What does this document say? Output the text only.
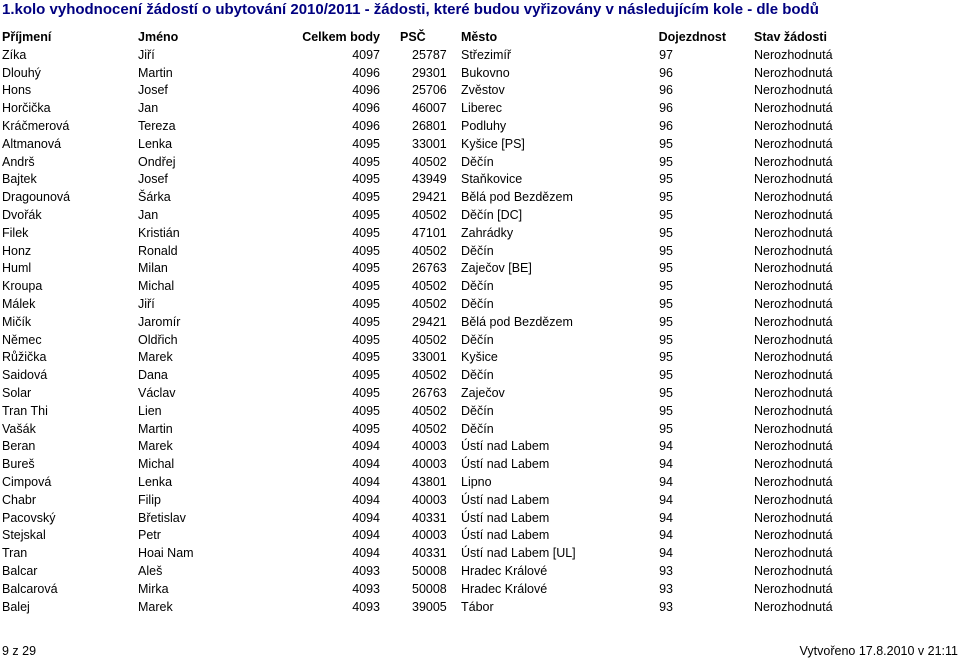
1.kolo vyhodnocení žádostí o ubytování 2010/2011 - žádosti, které budou vyřizovány v následujícím kole - dle bodů
Příjmení	Jméno	Celkem body PSČ	Město	Dojezdnost Stav žádosti
Zíka	Jiří	4097	25787 Střezimíř	97	Nerozhodnutá
Dlouhý	Martin	4096	29301 Bukovno	96	Nerozhodnutá
Hons	Josef	4096	25706 Zvěstov	96	Nerozhodnutá
Horčička	Jan	4096	46007 Liberec	96	Nerozhodnutá
Kráčmerová	Tereza	4096	26801 Podluhy	96	Nerozhodnutá
Altmanová	Lenka	4095	33001 Kyšice [PS]	95	Nerozhodnutá
Andrš	Ondřej	4095	40502 Děčín	95	Nerozhodnutá
Bajtek	Josef	4095	43949 Staňkovice	95	Nerozhodnutá
Dragounová	Šárka	4095	29421 Bělá pod Bezdězem	95	Nerozhodnutá
Dvořák	Jan	4095	40502 Děčín [DC]	95	Nerozhodnutá
Filek	Kristián	4095	47101 Zahrádky	95	Nerozhodnutá
Honz	Ronald	4095	40502 Děčín	95	Nerozhodnutá
Huml	Milan	4095	26763 Zaječov [BE]	95	Nerozhodnutá
Kroupa	Michal	4095	40502 Děčín	95	Nerozhodnutá
Málek	Jiří	4095	40502 Děčín	95	Nerozhodnutá
Mičík	Jaromír	4095	29421 Bělá pod Bezdězem	95	Nerozhodnutá
Němec	Oldřich	4095	40502 Děčín	95	Nerozhodnutá
Růžička	Marek	4095	33001 Kyšice	95	Nerozhodnutá
Saidová	Dana	4095	40502 Děčín	95	Nerozhodnutá
Solar	Václav	4095	26763 Zaječov	95	Nerozhodnutá
Tran Thi	Lien	4095	40502 Děčín	95	Nerozhodnutá
Vašák	Martin	4095	40502 Děčín	95	Nerozhodnutá
Beran	Marek	4094	40003 Ústí nad Labem	94	Nerozhodnutá
Bureš	Michal	4094	40003 Ústí nad Labem	94	Nerozhodnutá
Cimpová	Lenka	4094	43801 Lipno	94	Nerozhodnutá
Chabr	Filip	4094	40003 Ústí nad Labem	94	Nerozhodnutá
Pacovský	Břetislav	4094	40331 Ústí nad Labem	94	Nerozhodnutá
Stejskal	Petr	4094	40003 Ústí nad Labem	94	Nerozhodnutá
Tran	Hoai Nam	4094	40331 Ústí nad Labem [UL]	94	Nerozhodnutá
Balcar	Aleš	4093	50008 Hradec Králové	93	Nerozhodnutá
Balcarová	Mirka	4093	50008 Hradec Králové	93	Nerozhodnutá
Balej	Marek	4093	39005 Tábor	93	Nerozhodnutá
9 z 29	Vytvořeno 17.8.2010 v 21:11
